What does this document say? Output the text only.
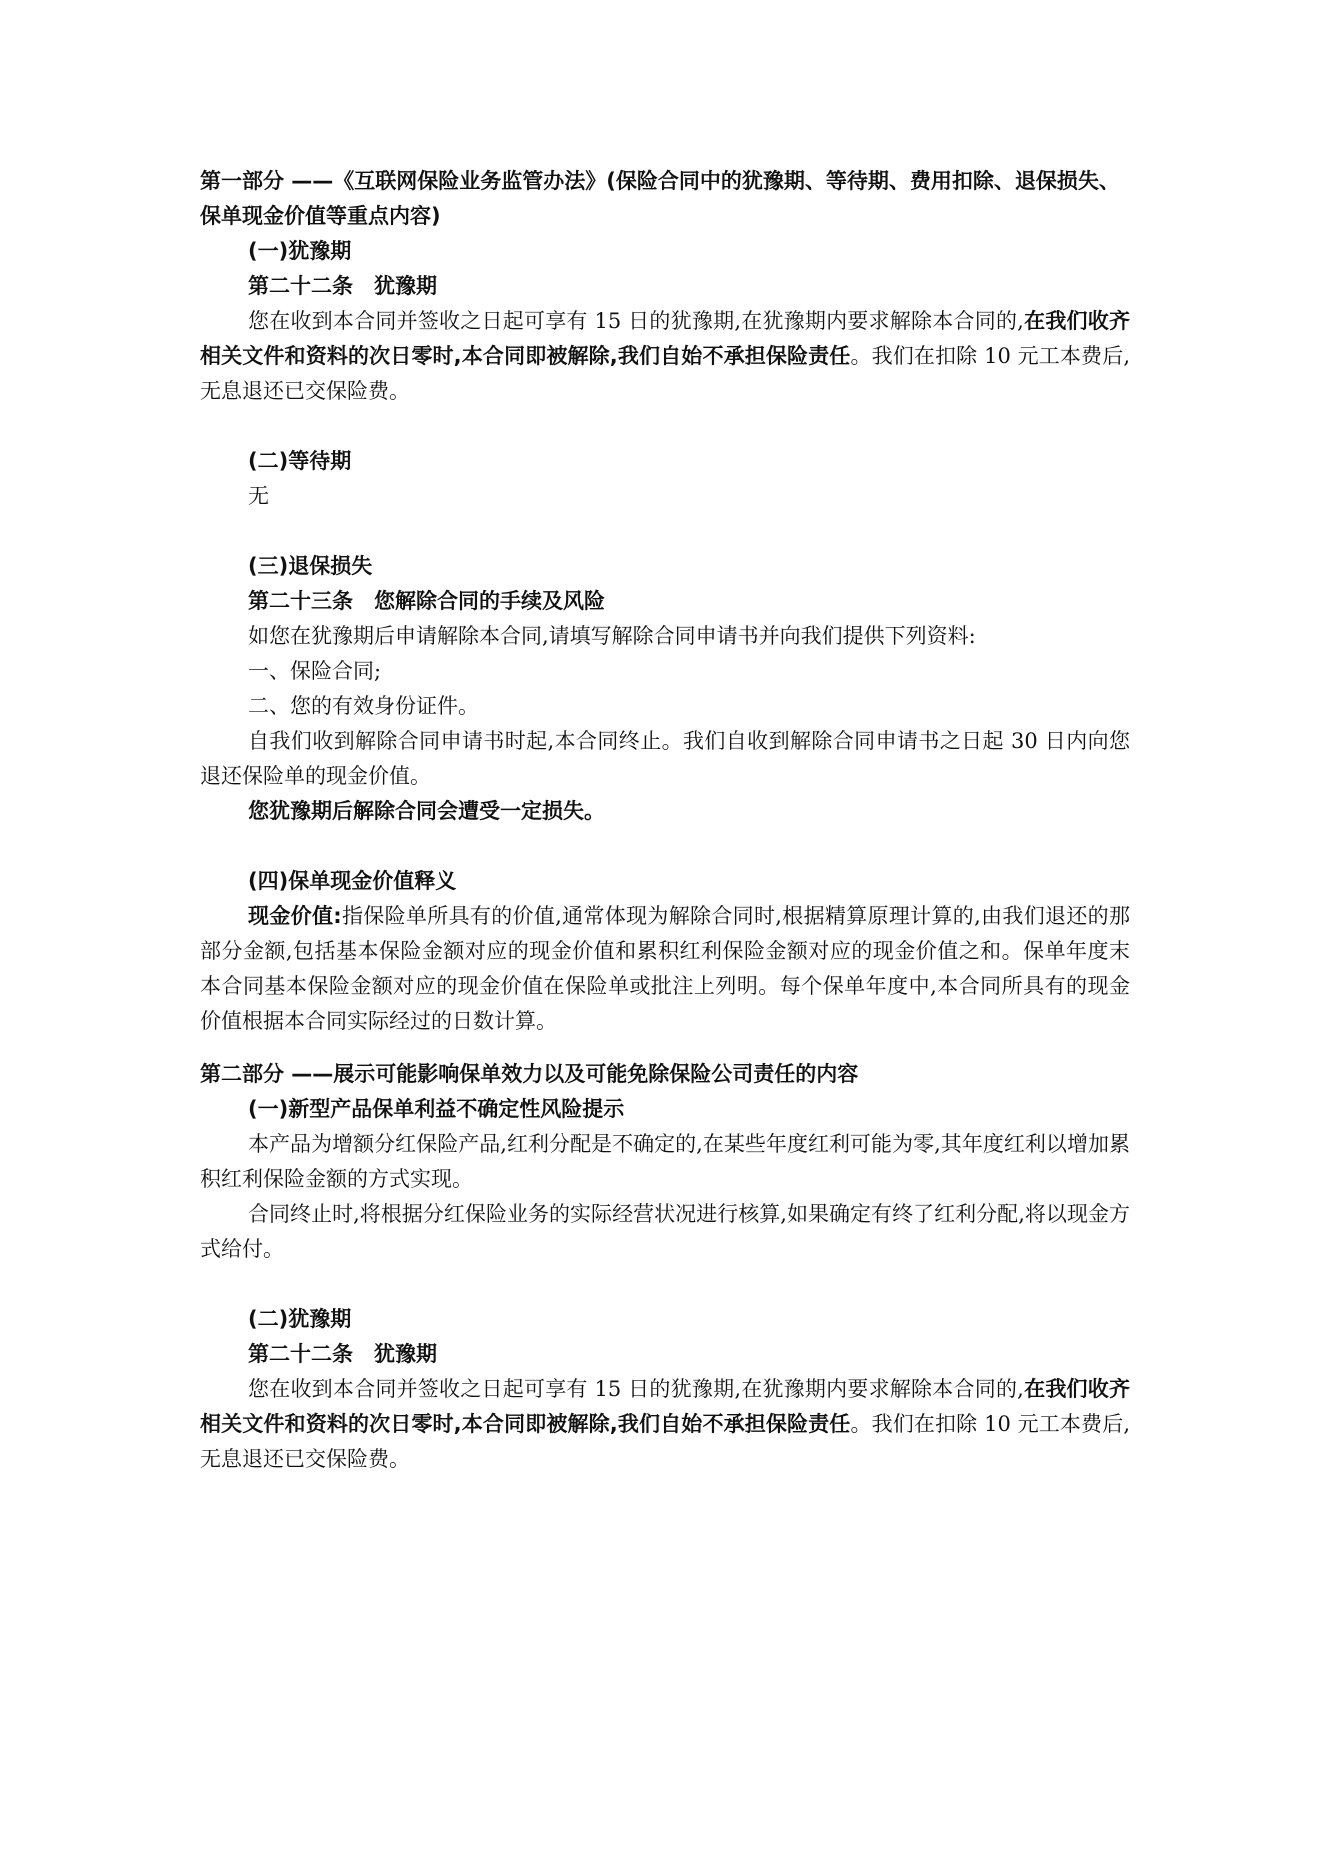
第一部分 ——《互联网保险业务监管办法》(保险合同中的犹豫期、等待期、费用扣除、退保损失、保单现金价值等重点内容)
(一)犹豫期
第二十二条　犹豫期
您在收到本合同并签收之日起可享有 15 日的犹豫期,在犹豫期内要求解除本合同的,在我们收齐相关文件和资料的次日零时,本合同即被解除,我们自始不承担保险责任。我们在扣除 10 元工本费后,无息退还已交保险费。
(二)等待期
无
(三)退保损失
第二十三条　您解除合同的手续及风险
如您在犹豫期后申请解除本合同,请填写解除合同申请书并向我们提供下列资料:
一、保险合同;
二、您的有效身份证件。
自我们收到解除合同申请书时起,本合同终止。我们自收到解除合同申请书之日起 30 日内向您退还保险单的现金价值。
您犹豫期后解除合同会遭受一定损失。
(四)保单现金价值释义
现金价值:指保险单所具有的价值,通常体现为解除合同时,根据精算原理计算的,由我们退还的那部分金额,包括基本保险金额对应的现金价值和累积红利保险金额对应的现金价值之和。保单年度末本合同基本保险金额对应的现金价值在保险单或批注上列明。每个保单年度中,本合同所具有的现金价值根据本合同实际经过的日数计算。
第二部分 ——展示可能影响保单效力以及可能免除保险公司责任的内容
(一)新型产品保单利益不确定性风险提示
本产品为增额分红保险产品,红利分配是不确定的,在某些年度红利可能为零,其年度红利以增加累积红利保险金额的方式实现。
合同终止时,将根据分红保险业务的实际经营状况进行核算,如果确定有终了红利分配,将以现金方式给付。
(二)犹豫期
第二十二条　犹豫期
您在收到本合同并签收之日起可享有 15 日的犹豫期,在犹豫期内要求解除本合同的,在我们收齐相关文件和资料的次日零时,本合同即被解除,我们自始不承担保险责任。我们在扣除 10 元工本费后,无息退还已交保险费。
